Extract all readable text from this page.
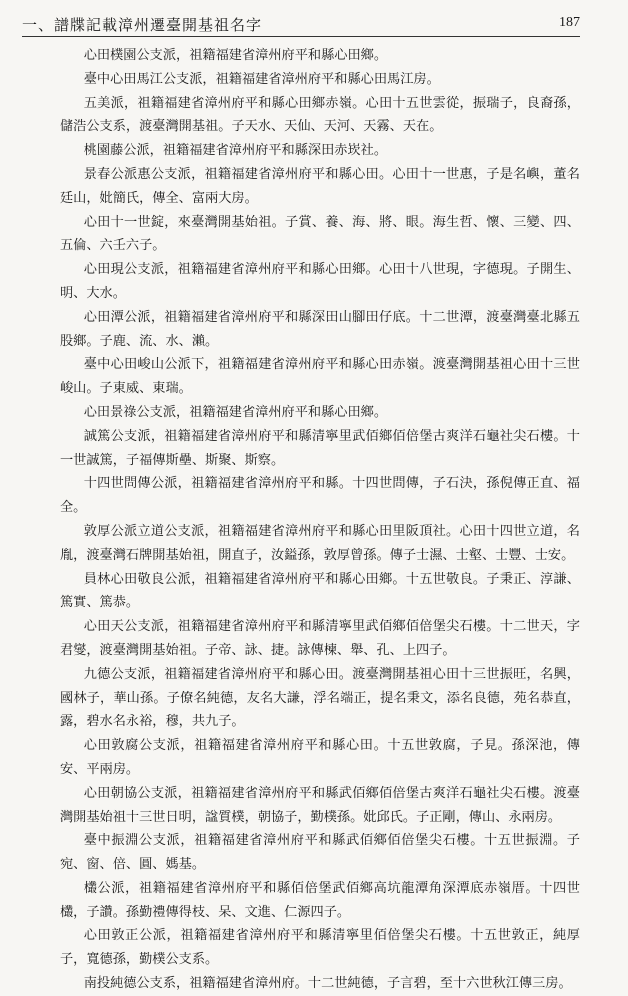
一、譜牒記載漳州遷臺開基祖名字	187

心田樸園公支派，祖籍福建省漳州府平和縣心田鄉。

臺中心田馬江公支派，祖籍福建省漳州府平和縣心田馬江房。

五美派，祖籍福建省漳州府平和縣心田鄉赤嶺。心田十五世雲從，振瑞子，良裔孫，儲浩公支系，渡臺灣開基祖。子天水、天仙、天河、天霧、天在。

桃園藤公派，祖籍福建省漳州府平和縣深田赤崁社。

景春公派惠公支派，祖籍福建省漳州府平和縣心田。心田十一世惠，子是名嶼，董名廷山，妣簡氏，傳全、富兩大房。

心田十一世錠，來臺灣開基始祖。子賞、養、海、將、眼。海生哲、懷、三變、四、五倫、六壬六子。

心田現公支派，祖籍福建省漳州府平和縣心田鄉。心田十八世現，字德現。子開生、明、大水。

心田潭公派，祖籍福建省漳州府平和縣深田山腳田仔底。十二世潭，渡臺灣臺北縣五股鄉。子鹿、流、水、瀨。

臺中心田峻山公派下，祖籍福建省漳州府平和縣心田赤嶺。渡臺灣開基祖心田十三世峻山。子東威、東瑞。

心田景祿公支派，祖籍福建省漳州府平和縣心田鄉。

誠篤公支派，祖籍福建省漳州府平和縣清寧里武佰鄉佰倍堡古爽洋石龜社尖石樓。十一世誠篤，子福傳斯壘、斯聚、斯察。

十四世問傳公派，祖籍福建省漳州府平和縣。十四世問傳，子石決，孫倪傳正直、福全。

敦厚公派立道公支派，祖籍福建省漳州府平和縣心田里阪頂社。心田十四世立道，名胤，渡臺灣石牌開基始祖，開直子，汝鎰孫，敦厚曾孫。傳子士濕、士壑、士豐、士安。

員林心田敬良公派，祖籍福建省漳州府平和縣心田鄉。十五世敬良。子秉正、淳謙、篤實、篤恭。

心田天公支派，祖籍福建省漳州府平和縣清寧里武佰鄉佰倍堡尖石樓。十二世天，字君燮，渡臺灣開基始祖。子帝、詠、捷。詠傳楝、舉、孔、上四子。

九德公支派，祖籍福建省漳州府平和縣心田。渡臺灣開基祖心田十三世振旺，名興，國林子，華山孫。子僚名純德，友名大謙，浮名端正，提名秉文，添名良德，苑名恭直，露，碧水名永裕，穆，共九子。

心田敦腐公支派，祖籍福建省漳州府平和縣心田。十五世敦腐，子見。孫深池，傳安、平兩房。

心田朝協公支派，祖籍福建省漳州府平和縣武佰鄉佰倍堡古爽洋石龜社尖石樓。渡臺灣開基始祖十三世日明，諡質樸，朝協子，勤樸孫。妣邱氏。子正剛，傳山、永兩房。

臺中振淵公支派，祖籍福建省漳州府平和縣武佰鄉佰倍堡尖石樓。十五世振淵。子宛、窗、倍、圓、媽基。

欉公派，祖籍福建省漳州府平和縣佰倍堡武佰鄉高坑龍潭角深潭底赤嶺厝。十四世欉，子讚。孫勤禮傳得枝、呆、文進、仁源四子。

心田敦正公派，祖籍福建省漳州府平和縣清寧里佰倍堡尖石樓。十五世敦正，純厚子，寬德孫，勤樸公支系。

南投純德公支系，祖籍福建省漳州府。十二世純德，子言碧，至十六世秋江傳三房。
